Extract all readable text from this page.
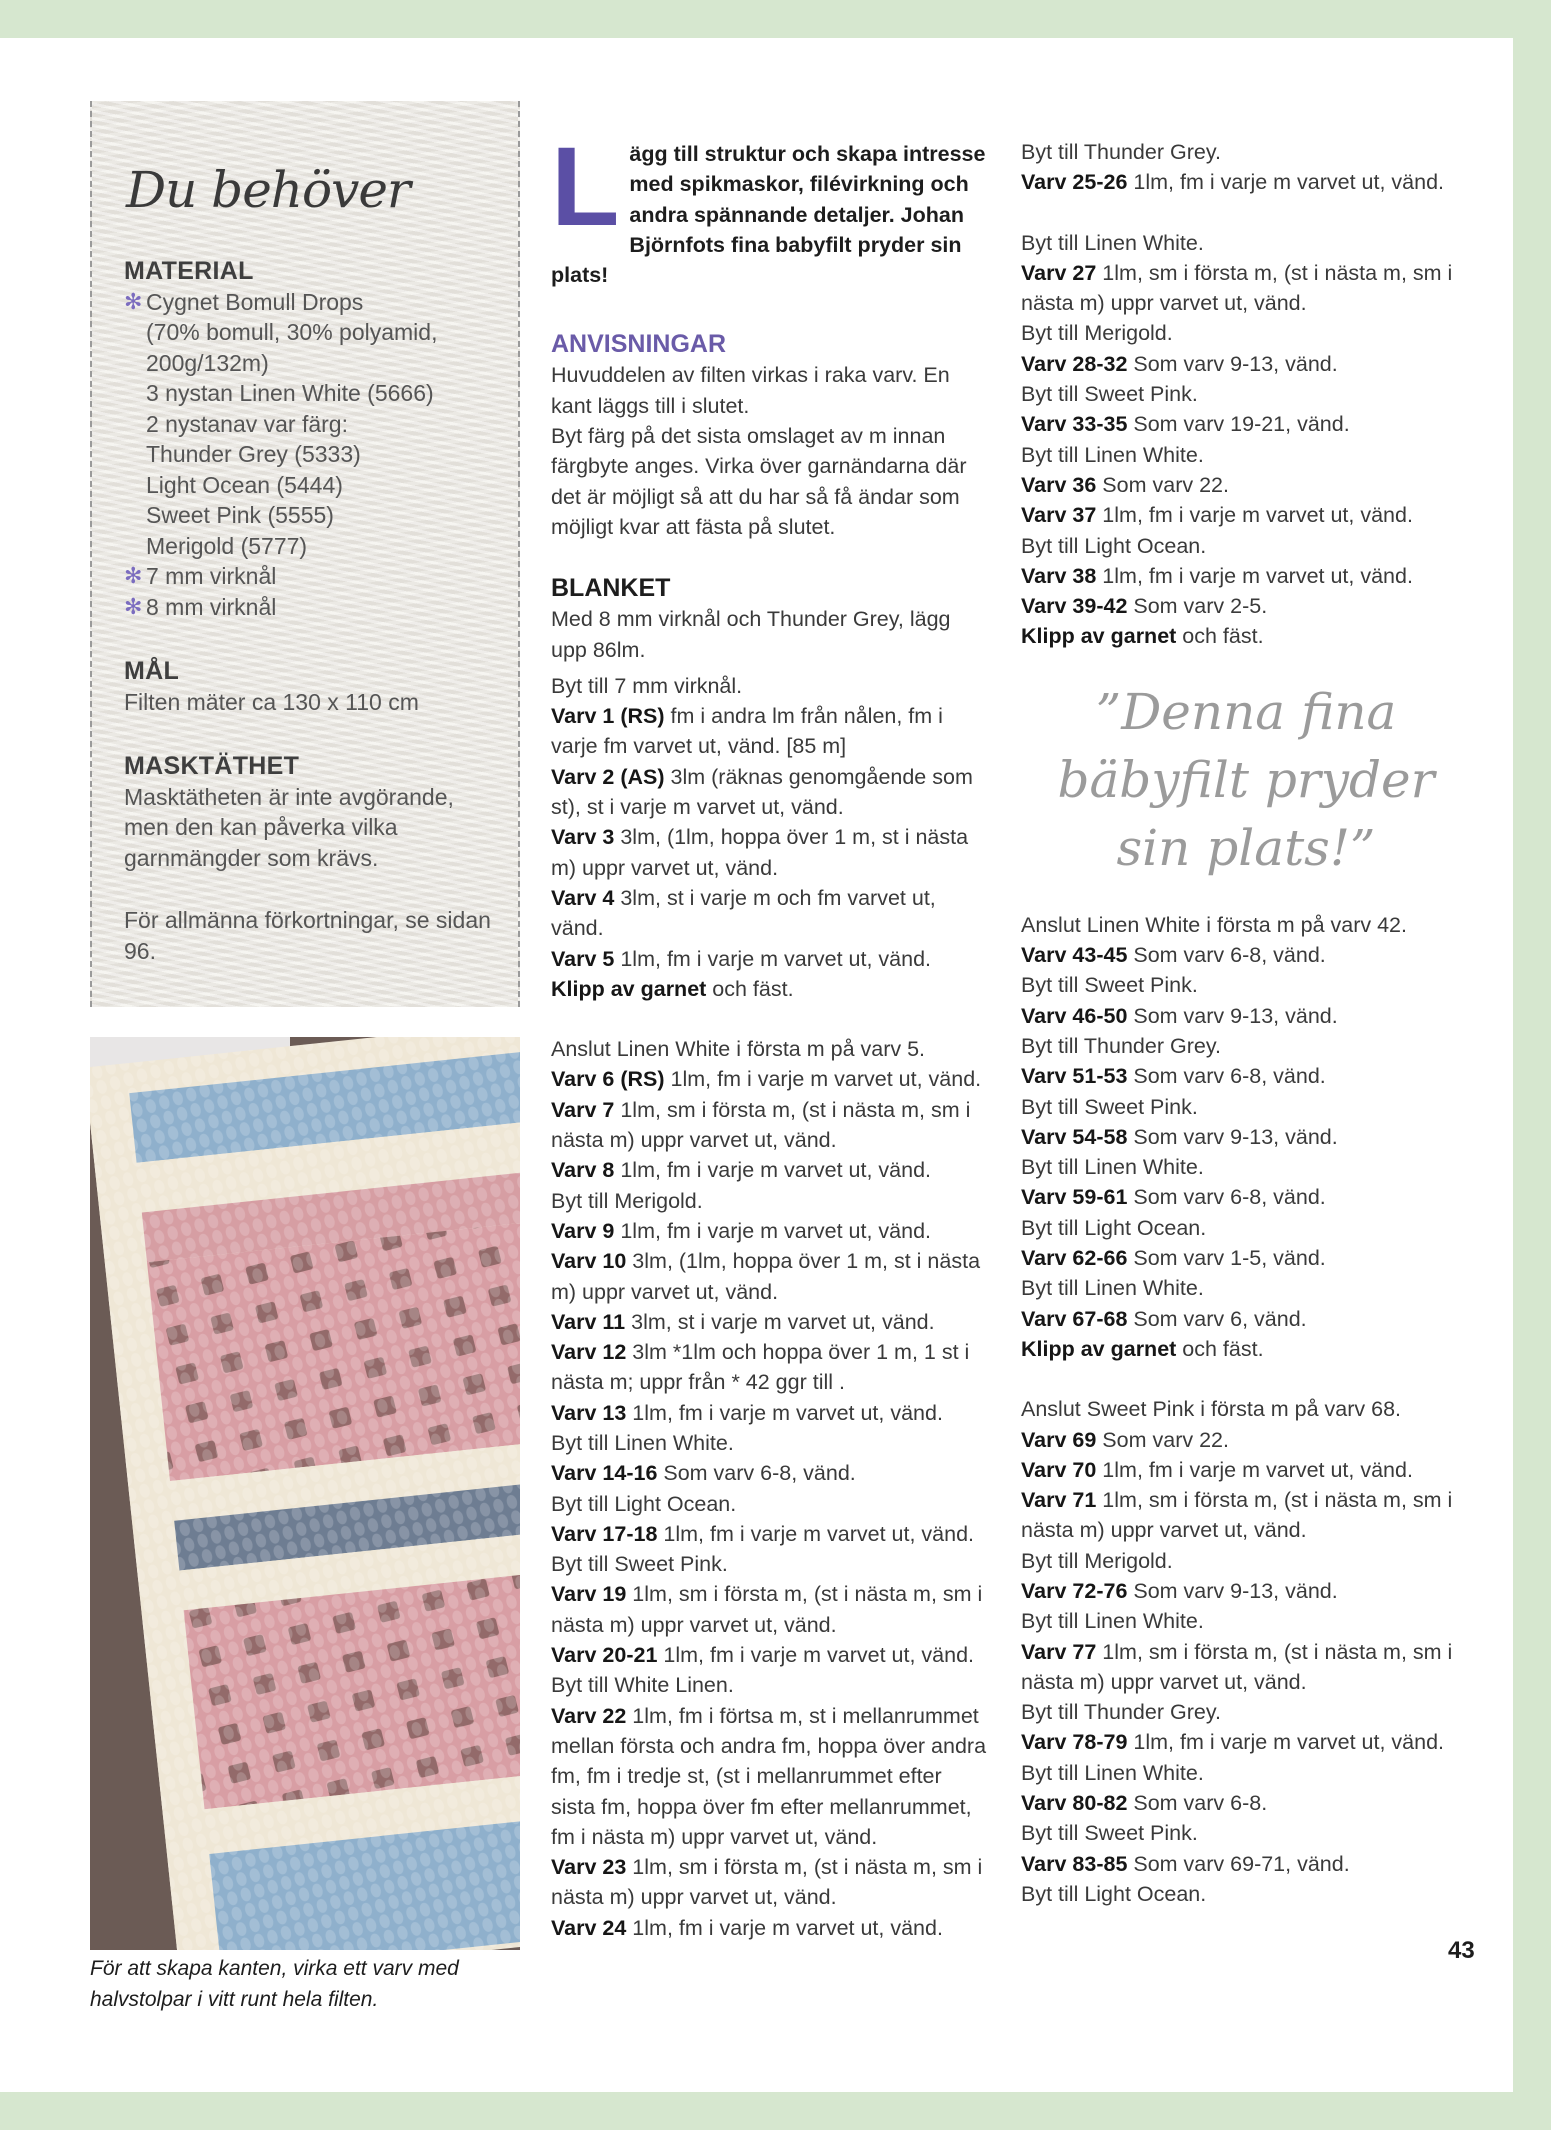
Du behöver
MATERIAL
✻ Cygnet Bomull Drops
(70% bomull, 30% polyamid,
200g/132m)
3 nystan Linen White (5666)
2 nystanav var färg:
Thunder Grey (5333)
Light Ocean (5444)
Sweet Pink (5555)
Merigold (5777)
✻ 7 mm virknål
✻ 8 mm virknål
MÅL
Filten mäter ca 130 x 110 cm
MASKTÄTHET
Masktätheten är inte avgörande, men den kan påverka vilka garnmängder som krävs.
För allmänna förkortningar, se sidan 96.
För att skapa kanten, virka ett varv med halvstolpar i vitt runt hela filten.
L ägg till struktur och skapa intresse med spikmaskor, filévirkning och andra spännande detaljer. Johan Björnfots fina babyfilt pryder sin plats!

ANVISNINGAR

Huvuddelen av filten virkas i raka varv. En kant läggs till i slutet.

Byt färg på det sista omslaget av m innan färgbyte anges. Virka över garnändarna där det är möjligt så att du har så få ändar som möjligt kvar att fästa på slutet.

BLANKET

Med 8 mm virknål och Thunder Grey, lägg upp 86lm.

Byt till 7 mm virknål.

Varv 1 (RS) fm i andra lm från nålen, fm i varje fm varvet ut, vänd. [85 m]

Varv 2 (AS) 3lm (räknas genomgående som st), st i varje m varvet ut, vänd.

Varv 3 3lm, (1lm, hoppa över 1 m, st i nästa m) uppr varvet ut, vänd.

Varv 4 3lm, st i varje m och fm varvet ut, vänd.

Varv 5 1lm, fm i varje m varvet ut, vänd.

Klipp av garnet och fäst.

Anslut Linen White i första m på varv 5.

Varv 6 (RS) 1lm, fm i varje m varvet ut, vänd.

Varv 7 1lm, sm i första m, (st i nästa m, sm i nästa m) uppr varvet ut, vänd.

Varv 8 1lm, fm i varje m varvet ut, vänd.

Byt till Merigold.

Varv 9 1lm, fm i varje m varvet ut, vänd.

Varv 10 3lm, (1lm, hoppa över 1 m, st i nästa m) uppr varvet ut, vänd.

Varv 11 3lm, st i varje m varvet ut, vänd.

Varv 12 3lm *1lm och hoppa över 1 m, 1 st i nästa m; uppr från * 42 ggr till .

Varv 13 1lm, fm i varje m varvet ut, vänd.

Byt till Linen White.

Varv 14-16 Som varv 6-8, vänd.

Byt till Light Ocean.

Varv 17-18 1lm, fm i varje m varvet ut, vänd.

Byt till Sweet Pink.

Varv 19 1lm, sm i första m, (st i nästa m, sm i nästa m) uppr varvet ut, vänd.

Varv 20-21 1lm, fm i varje m varvet ut, vänd.

Byt till White Linen.

Varv 22 1lm, fm i förtsa m, st i mellanrummet mellan första och andra fm, hoppa över andra fm, fm i tredje st, (st i mellanrummet efter sista fm, hoppa över fm efter mellanrummet, fm i nästa m) uppr varvet ut, vänd.

Varv 23 1lm, sm i första m, (st i nästa m, sm i nästa m) uppr varvet ut, vänd.

Varv 24 1lm, fm i varje m varvet ut, vänd.

Byt till Thunder Grey.

Varv 25-26 1lm, fm i varje m varvet ut, vänd.

Byt till Linen White.

Varv 27 1lm, sm i första m, (st i nästa m, sm i nästa m) uppr varvet ut, vänd.

Byt till Merigold.

Varv 28-32 Som varv 9-13, vänd.

Byt till Sweet Pink.

Varv 33-35 Som varv 19-21, vänd.

Byt till Linen White.

Varv 36 Som varv 22.

Varv 37 1lm, fm i varje m varvet ut, vänd.

Byt till Light Ocean.

Varv 38 1lm, fm i varje m varvet ut, vänd.

Varv 39-42 Som varv 2-5.

Klipp av garnet och fäst.

”Denna fina bäbyfilt pryder sin plats!”

Anslut Linen White i första m på varv 42.

Varv 43-45 Som varv 6-8, vänd.

Byt till Sweet Pink.

Varv 46-50 Som varv 9-13, vänd.

Byt till Thunder Grey.

Varv 51-53 Som varv 6-8, vänd.

Byt till Sweet Pink.

Varv 54-58 Som varv 9-13, vänd.

Byt till Linen White.

Varv 59-61 Som varv 6-8, vänd.

Byt till Light Ocean.

Varv 62-66 Som varv 1-5, vänd.

Byt till Linen White.

Varv 67-68 Som varv 6, vänd.

Klipp av garnet och fäst.

Anslut Sweet Pink i första m på varv 68.

Varv 69 Som varv 22.

Varv 70 1lm, fm i varje m varvet ut, vänd.

Varv 71 1lm, sm i första m, (st i nästa m, sm i nästa m) uppr varvet ut, vänd.

Byt till Merigold.

Varv 72-76 Som varv 9-13, vänd.

Byt till Linen White.

Varv 77 1lm, sm i första m, (st i nästa m, sm i nästa m) uppr varvet ut, vänd.

Byt till Thunder Grey.

Varv 78-79 1lm, fm i varje m varvet ut, vänd.

Byt till Linen White.

Varv 80-82 Som varv 6-8.

Byt till Sweet Pink.

Varv 83-85 Som varv 69-71, vänd.

Byt till Light Ocean.

43
